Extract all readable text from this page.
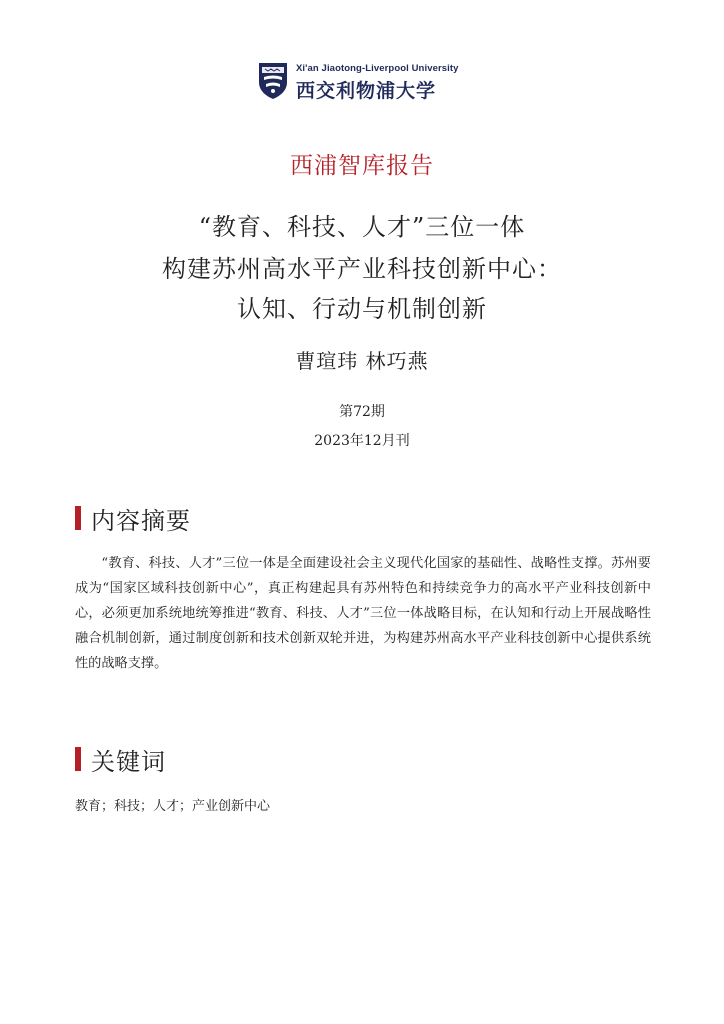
Xi'an Jiaotong-Liverpool University
西交利物浦大学
西浦智库报告
“教育、科技、人才”三位一体
构建苏州高水平产业科技创新中心：
认知、行动与机制创新
曹瑄玮 林巧燕
第72期
2023年12月刊
内容摘要

“教育、科技、人才”三位一体是全面建设社会主义现代化国家的基础性、战略性支撑。苏州要成为“国家区域科技创新中心”，真正构建起具有苏州特色和持续竞争力的高水平产业科技创新中心，必须更加系统地统筹推进“教育、科技、人才”三位一体战略目标，在认知和行动上开展战略性融合机制创新，通过制度创新和技术创新双轮并进，为构建苏州高水平产业科技创新中心提供系统性的战略支撑。

关键词
教育；科技；人才；产业创新中心
